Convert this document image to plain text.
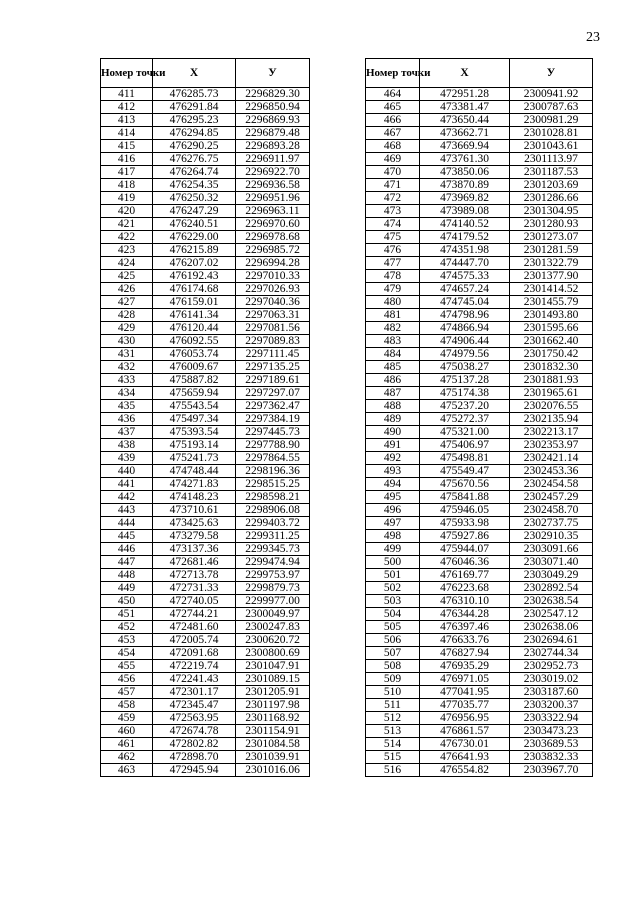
23
Номер точки	X	У
411	476285.73	2296829.30
412	476291.84	2296850.94
413	476295.23	2296869.93
414	476294.85	2296879.48
415	476290.25	2296893.28
416	476276.75	2296911.97
417	476264.74	2296922.70
418	476254.35	2296936.58
419	476250.32	2296951.96
420	476247.29	2296963.11
421	476240.51	2296970.60
422	476229.00	2296978.68
423	476215.89	2296985.72
424	476207.02	2296994.28
425	476192.43	2297010.33
426	476174.68	2297026.93
427	476159.01	2297040.36
428	476141.34	2297063.31
429	476120.44	2297081.56
430	476092.55	2297089.83
431	476053.74	2297111.45
432	476009.67	2297135.25
433	475887.82	2297189.61
434	475659.94	2297297.07
435	475543.54	2297362.47
436	475497.34	2297384.19
437	475393.54	2297445.73
438	475193.14	2297788.90
439	475241.73	2297864.55
440	474748.44	2298196.36
441	474271.83	2298515.25
442	474148.23	2298598.21
443	473710.61	2298906.08
444	473425.63	2299403.72
445	473279.58	2299311.25
446	473137.36	2299345.73
447	472681.46	2299474.94
448	472713.78	2299753.97
449	472731.33	2299879.73
450	472740.05	2299977.00
451	472744.21	2300049.97
452	472481.60	2300247.83
453	472005.74	2300620.72
454	472091.68	2300800.69
455	472219.74	2301047.91
456	472241.43	2301089.15
457	472301.17	2301205.91
458	472345.47	2301197.98
459	472563.95	2301168.92
460	472674.78	2301154.91
461	472802.82	2301084.58
462	472898.70	2301039.91
463	472945.94	2301016.06
Номер точки	X	У
464	472951.28	2300941.92
465	473381.47	2300787.63
466	473650.44	2300981.29
467	473662.71	2301028.81
468	473669.94	2301043.61
469	473761.30	2301113.97
470	473850.06	2301187.53
471	473870.89	2301203.69
472	473969.82	2301286.66
473	473989.08	2301304.95
474	474140.52	2301280.93
475	474179.52	2301273.07
476	474351.98	2301281.59
477	474447.70	2301322.79
478	474575.33	2301377.90
479	474657.24	2301414.52
480	474745.04	2301455.79
481	474798.96	2301493.80
482	474866.94	2301595.66
483	474906.44	2301662.40
484	474979.56	2301750.42
485	475038.27	2301832.30
486	475137.28	2301881.93
487	475174.38	2301965.61
488	475237.20	2302076.55
489	475272.37	2302135.94
490	475321.00	2302213.17
491	475406.97	2302353.97
492	475498.81	2302421.14
493	475549.47	2302453.36
494	475670.56	2302454.58
495	475841.88	2302457.29
496	475946.05	2302458.70
497	475933.98	2302737.75
498	475927.86	2302910.35
499	475944.07	2303091.66
500	476046.36	2303071.40
501	476169.77	2303049.29
502	476223.68	2302892.54
503	476310.10	2302638.54
504	476344.28	2302547.12
505	476397.46	2302638.06
506	476633.76	2302694.61
507	476827.94	2302744.34
508	476935.29	2302952.73
509	476971.05	2303019.02
510	477041.95	2303187.60
511	477035.77	2303200.37
512	476956.95	2303322.94
513	476861.57	2303473.23
514	476730.01	2303689.53
515	476641.93	2303832.33
516	476554.82	2303967.70
